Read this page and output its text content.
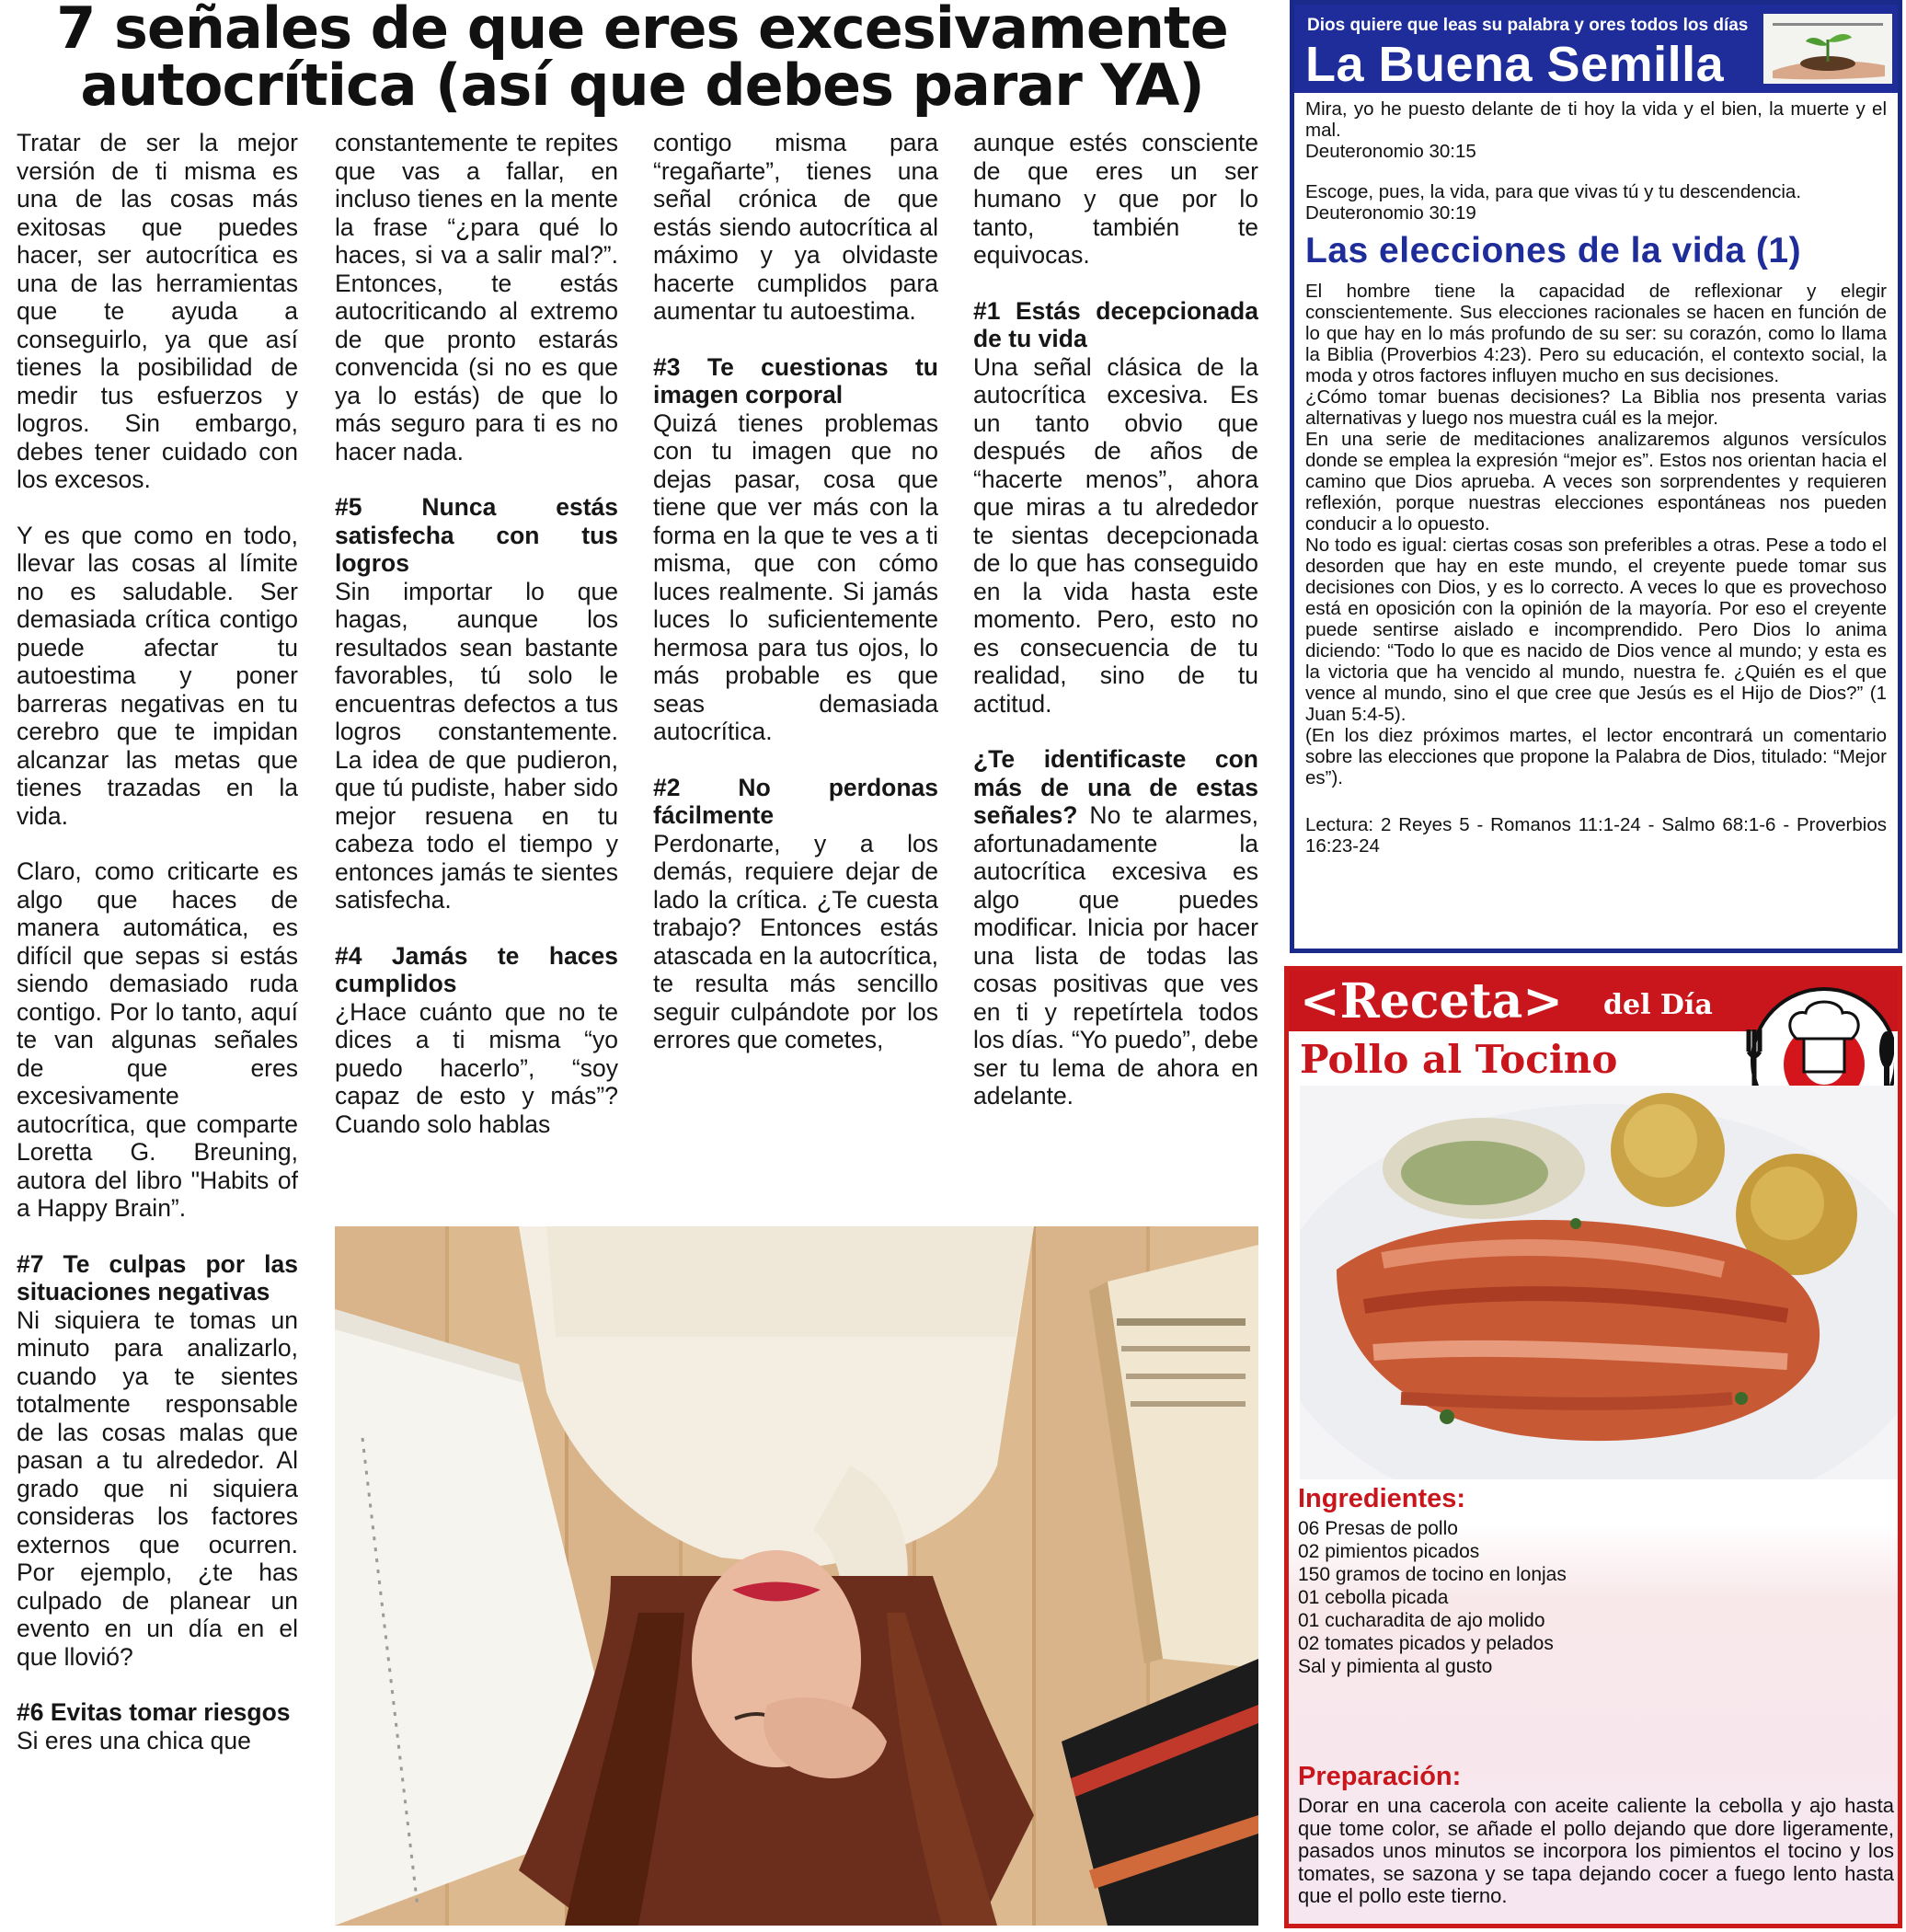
7 señales de que eres excesivamente
autocrítica (así que debes parar YA)

Tratar de ser la mejor versión de ti misma es una de las cosas más exitosas que puedes hacer, ser autocrítica es una de las herramientas que te ayuda a conseguirlo, ya que así tienes la posibilidad de medir tus esfuerzos y logros. Sin embargo, debes tener cuidado con los excesos.

Y es que como en todo, llevar las cosas al límite no es saludable. Ser demasiada crítica contigo puede afectar tu autoestima y poner barreras negativas en tu cerebro que te impidan alcanzar las metas que tienes trazadas en la vida.

Claro, como criticarte es algo que haces de manera automática, es difícil que sepas si estás siendo demasiado ruda contigo. Por lo tanto, aquí te van algunas señales de que eres excesivamente autocrítica, que comparte Loretta G. Breuning, autora del libro "Habits of a Happy Brain”.

#7 Te culpas por las situaciones negativas

Ni siquiera te tomas un minuto para analizarlo, cuando ya te sientes totalmente responsable de las cosas malas que pasan a tu alrededor. Al grado que ni siquiera consideras los factores externos que ocurren. Por ejemplo, ¿te has culpado de planear un evento en un día en el que llovió?

#6 Evitas tomar riesgos

Si eres una chica que

constantemente te repites que vas a fallar, en incluso tienes en la mente la frase “¿para qué lo haces, si va a salir mal?”. Entonces, te estás autocriticando al extremo de que pronto estarás convencida (si no es que ya lo estás) de que lo más seguro para ti es no hacer nada.

#5 Nunca estás satisfecha con tus logros

Sin importar lo que hagas, aunque los resultados sean bastante favorables, tú solo le encuentras defectos a tus logros constantemente. La idea de que pudieron, que tú pudiste, haber sido mejor resuena en tu cabeza todo el tiempo y entonces jamás te sientes satisfecha.

#4 Jamás te haces cumplidos

¿Hace cuánto que no te dices a ti misma “yo puedo hacerlo”, “soy capaz de esto y más”? Cuando solo hablas

contigo misma para “regañarte”, tienes una señal crónica de que estás siendo autocrítica al máximo y ya olvidaste hacerte cumplidos para aumentar tu autoestima.

#3 Te cuestionas tu imagen corporal

Quizá tienes problemas con tu imagen que no dejas pasar, cosa que tiene que ver más con la forma en la que te ves a ti misma, que con cómo luces realmente. Si jamás luces lo suficientemente hermosa para tus ojos, lo más probable es que seas demasiada autocrítica.

#2 No perdonas fácilmente

Perdonarte, y a los demás, requiere dejar de lado la crítica. ¿Te cuesta trabajo? Entonces estás atascada en la autocrítica, te resulta más sencillo seguir culpándote por los errores que cometes,

aunque estés consciente de que eres un ser humano y que por lo tanto, también te equivocas.

#1 Estás decepcionada de tu vida

Una señal clásica de la autocrítica excesiva. Es un tanto obvio que después de años de “hacerte menos”, ahora que miras a tu alrededor te sientas decepcionada de lo que has conseguido en la vida hasta este momento. Pero, esto no es consecuencia de tu realidad, sino de tu actitud.

¿Te identificaste con más de una de estas señales? No te alarmes, afortunadamente la autocrítica excesiva es algo que puedes modificar. Inicia por hacer una lista de todas las cosas positivas que ves en ti y repetírtela todos los días. “Yo puedo”, debe ser tu lema de ahora en adelante.

Dios quiere que leas su palabra y ores todos los días
La Buena Semilla

Mira, yo he puesto delante de ti hoy la vida y el bien, la muerte y el mal.

Deuteronomio 30:15

Escoge, pues, la vida, para que vivas tú y tu descendencia.

Deuteronomio 30:19

Las elecciones de la vida (1)

El hombre tiene la capacidad de reflexionar y elegir conscientemente. Sus elecciones racionales se hacen en función de lo que hay en lo más profundo de su ser: su corazón, como lo llama la Biblia (Proverbios 4:23). Pero su educación, el contexto social, la moda y otros factores influyen mucho en sus decisiones.

¿Cómo tomar buenas decisiones? La Biblia nos presenta varias alternativas y luego nos muestra cuál es la mejor.

En una serie de meditaciones analizaremos algunos versículos donde se emplea la expresión “mejor es”. Estos nos orientan hacia el camino que Dios aprueba. A veces son sorprendentes y requieren reflexión, porque nuestras elecciones espontáneas nos pueden conducir a lo opuesto.

No todo es igual: ciertas cosas son preferibles a otras. Pese a todo el desorden que hay en este mundo, el creyente puede tomar sus decisiones con Dios, y es lo correcto. A veces lo que es provechoso está en oposición con la opinión de la mayoría. Por eso el creyente puede sentirse aislado e incomprendido. Pero Dios lo anima diciendo: “Todo lo que es nacido de Dios vence al mundo; y esta es la victoria que ha vencido al mundo, nuestra fe. ¿Quién es el que vence al mundo, sino el que cree que Jesús es el Hijo de Dios?” (1 Juan 5:4-5).

(En los diez próximos martes, el lector encontrará un comentario sobre las elecciones que propone la Palabra de Dios, titulado: “Mejor es”).

Lectura: 2 Reyes 5 - Romanos 11:1-24 - Salmo 68:1-6 - Proverbios 16:23-24

<Receta> del Día
Pollo al Tocino
Ingredientes:
06 Presas de pollo
02 pimientos picados
150 gramos de tocino en lonjas
01 cebolla picada
01 cucharadita de ajo molido
02 tomates picados y pelados
Sal y pimienta al gusto
Preparación:
Dorar en una cacerola con aceite caliente la cebolla y ajo hasta que tome color, se añade el pollo dejando que dore ligeramente, pasados unos minutos se incorpora los pimientos el tocino y los tomates, se sazona y se tapa dejando cocer a fuego lento hasta que el pollo este tierno.
